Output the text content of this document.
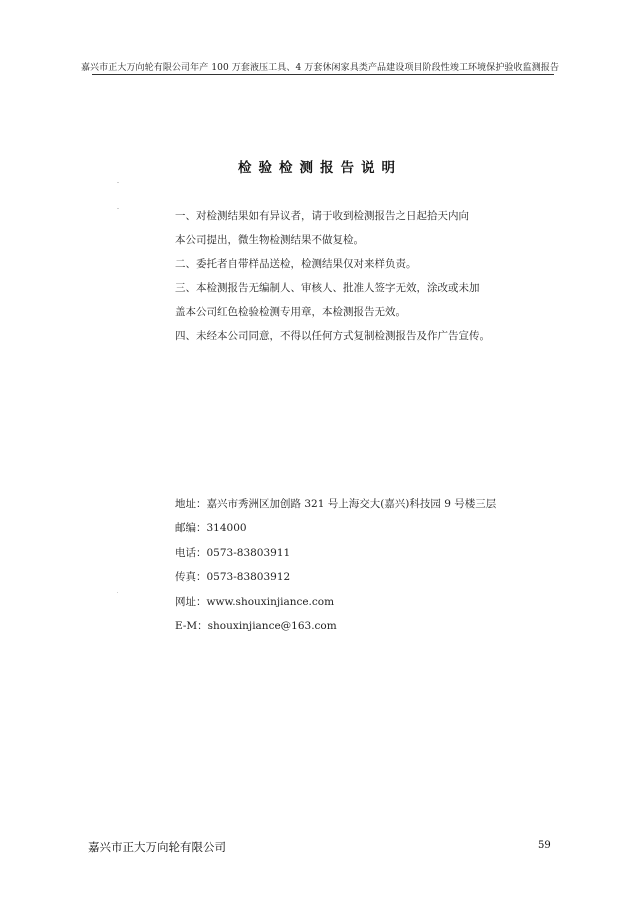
嘉兴市正大万向轮有限公司年产 100 万套液压工具、4 万套休闲家具类产品建设项目阶段性竣工环境保护验收监测报告
检验检测报告说明
一、对检测结果如有异议者，请于收到检测报告之日起拾天内向
本公司提出，微生物检测结果不做复检。
二、委托者自带样品送检，检测结果仅对来样负责。
三、本检测报告无编制人、审核人、批准人签字无效，涂改或未加
盖本公司红色检验检测专用章，本检测报告无效。
四、未经本公司同意，不得以任何方式复制检测报告及作广告宣传。
地址：嘉兴市秀洲区加创路 321 号上海交大(嘉兴)科技园 9 号楼三层
邮编：314000
电话：0573-83803911
传真：0573-83803912
网址：www.shouxinjiance.com
E-M：shouxinjiance@163.com
嘉兴市正大万向轮有限公司	59
